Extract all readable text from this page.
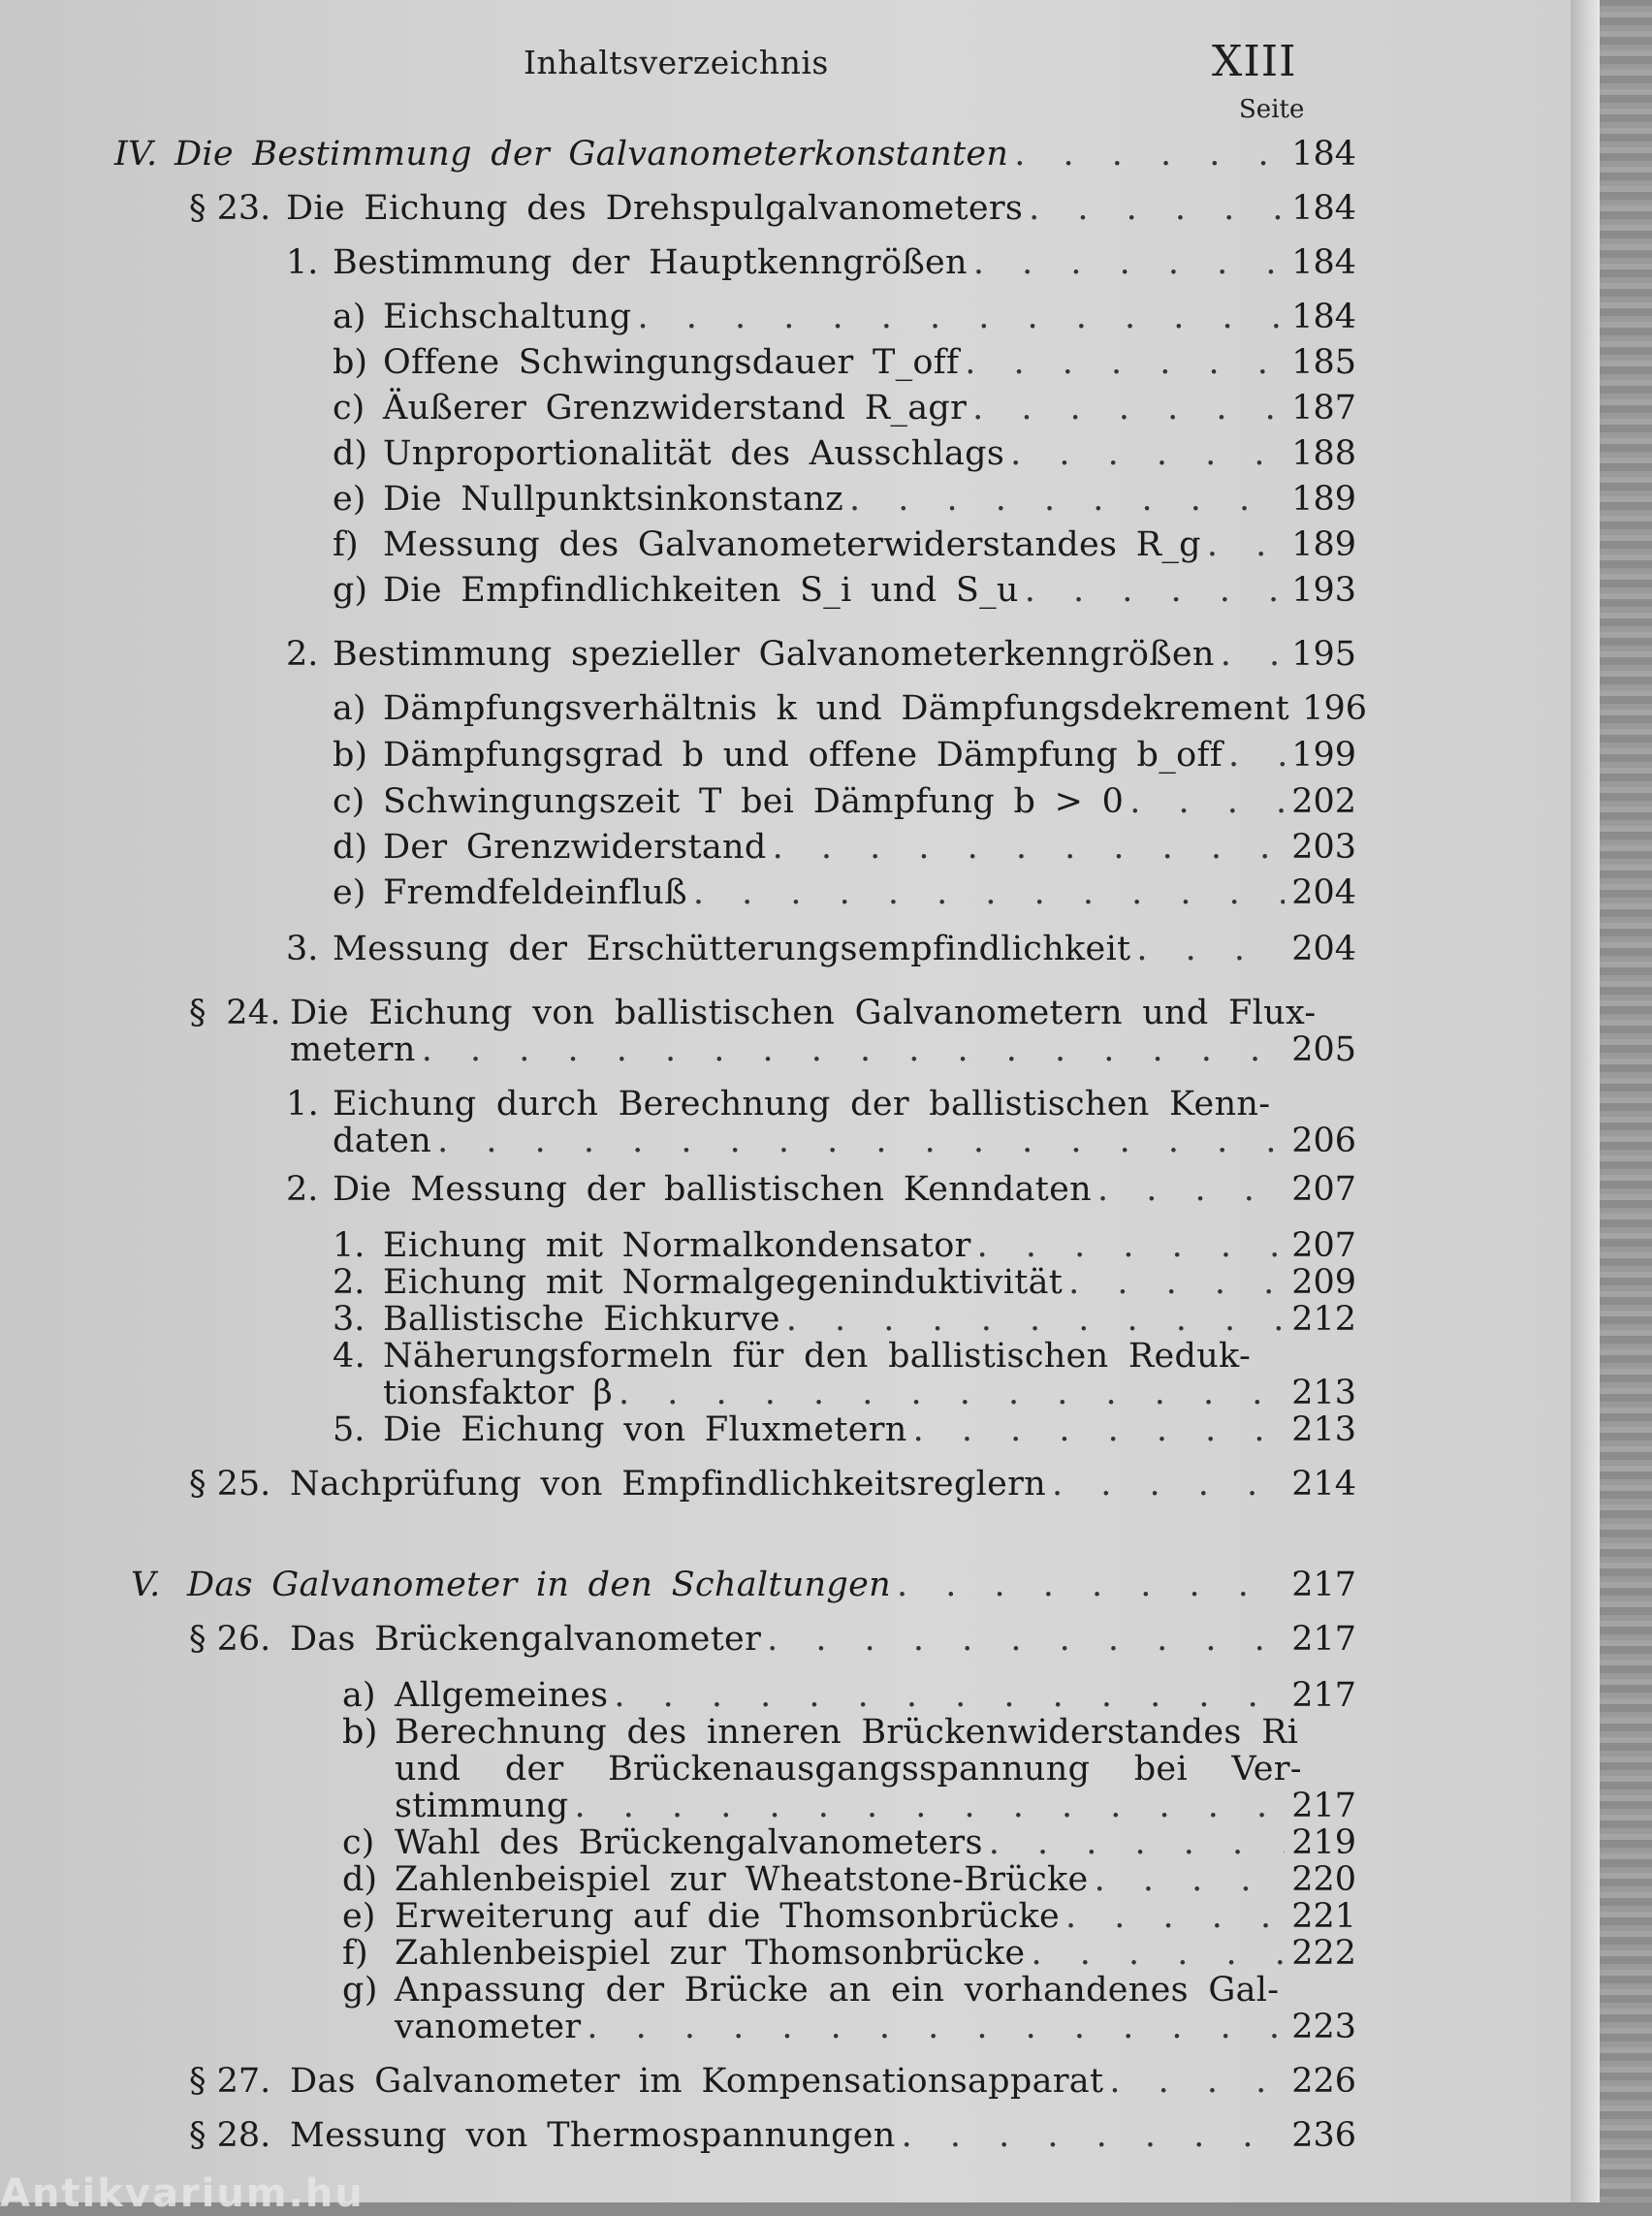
Inhaltsverzeichnis	XIII
Seite
IV. Die Bestimmung der Galvanometerkonstanten . . .	184
§ 23. Die Eichung des Drehspulgalvanometers . . .	184
1. Bestimmung der Hauptkenngrößen . . .	184
a) Eichschaltung . . .	184
b) Offene Schwingungsdauer T_off . . .	185
c) Äußerer Grenzwiderstand R_agr . . .	187
d) Unproportionalität des Ausschlags . . .	188
e) Die Nullpunktsinkonstanz . . .	189
f) Messung des Galvanometerwiderstandes R_g . . .	189
g) Die Empfindlichkeiten S_i und S_u . . .	193
2. Bestimmung spezieller Galvanometerkenngrößen . . . 195
a) Dämpfungsverhältnis k und Dämpfungsdekrement 196
b) Dämpfungsgrad b und offene Dämpfung b_off . . . 199
c) Schwingungszeit T bei Dämpfung b > 0 . . .	202
d) Der Grenzwiderstand . . .	203
e) Fremdfeldeinfluß . . .	204
3. Messung der Erschütterungsempfindlichkeit . . .	204
§ 24. Die Eichung von ballistischen Galvanometern und Flux-
metern . . .	205
1. Eichung durch Berechnung der ballistischen Kenn-
daten . . .	206
2. Die Messung der ballistischen Kenndaten . . .	207
1. Eichung mit Normalkondensator . . .	207
2. Eichung mit Normalgegeninduktivität . . .	209
3. Ballistische Eichkurve . . .	212
4. Näherungsformeln für den ballistischen Reduk-
tionsfaktor β . . .	213
5. Die Eichung von Fluxmetern . . .	213
§ 25. Nachprüfung von Empfindlichkeitsreglern . . .	214
V. Das Galvanometer in den Schaltungen . . .	217
§ 26. Das Brückengalvanometer . . .	217
a) Allgemeines . . .	217
b) Berechnung des inneren Brückenwiderstandes Ri
und der Brückenausgangsspannung bei Ver-
stimmung . . .	217
c) Wahl des Brückengalvanometers . . .	219
d) Zahlenbeispiel zur Wheatstone-Brücke . . .	220
e) Erweiterung auf die Thomsonbrücke . . .	221
f) Zahlenbeispiel zur Thomsonbrücke . . .	222
g) Anpassung der Brücke an ein vorhandenes Gal-
vanometer . . .	223
§ 27. Das Galvanometer im Kompensationsapparat . . .	226
§ 28. Messung von Thermospannungen . . .	236
Antikvarium.hu
